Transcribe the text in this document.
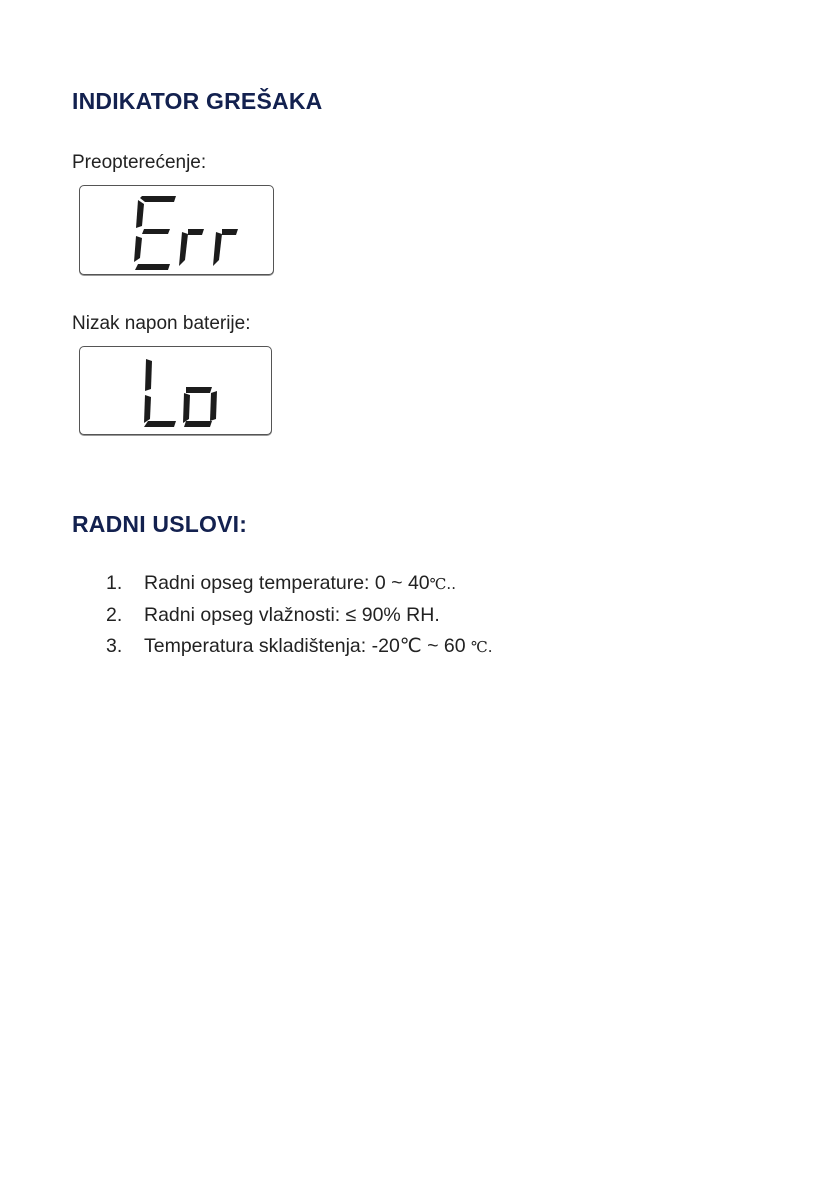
INDIKATOR GREŠAKA

Preopterećenje:

Nizak napon baterije:

RADNI USLOVI:
1. Radni opseg temperature: 0 ~ 40℃..
2. Radni opseg vlažnosti: ≤ 90% RH.
3. Temperatura skladištenja: -20℃ ~ 60 ℃.
